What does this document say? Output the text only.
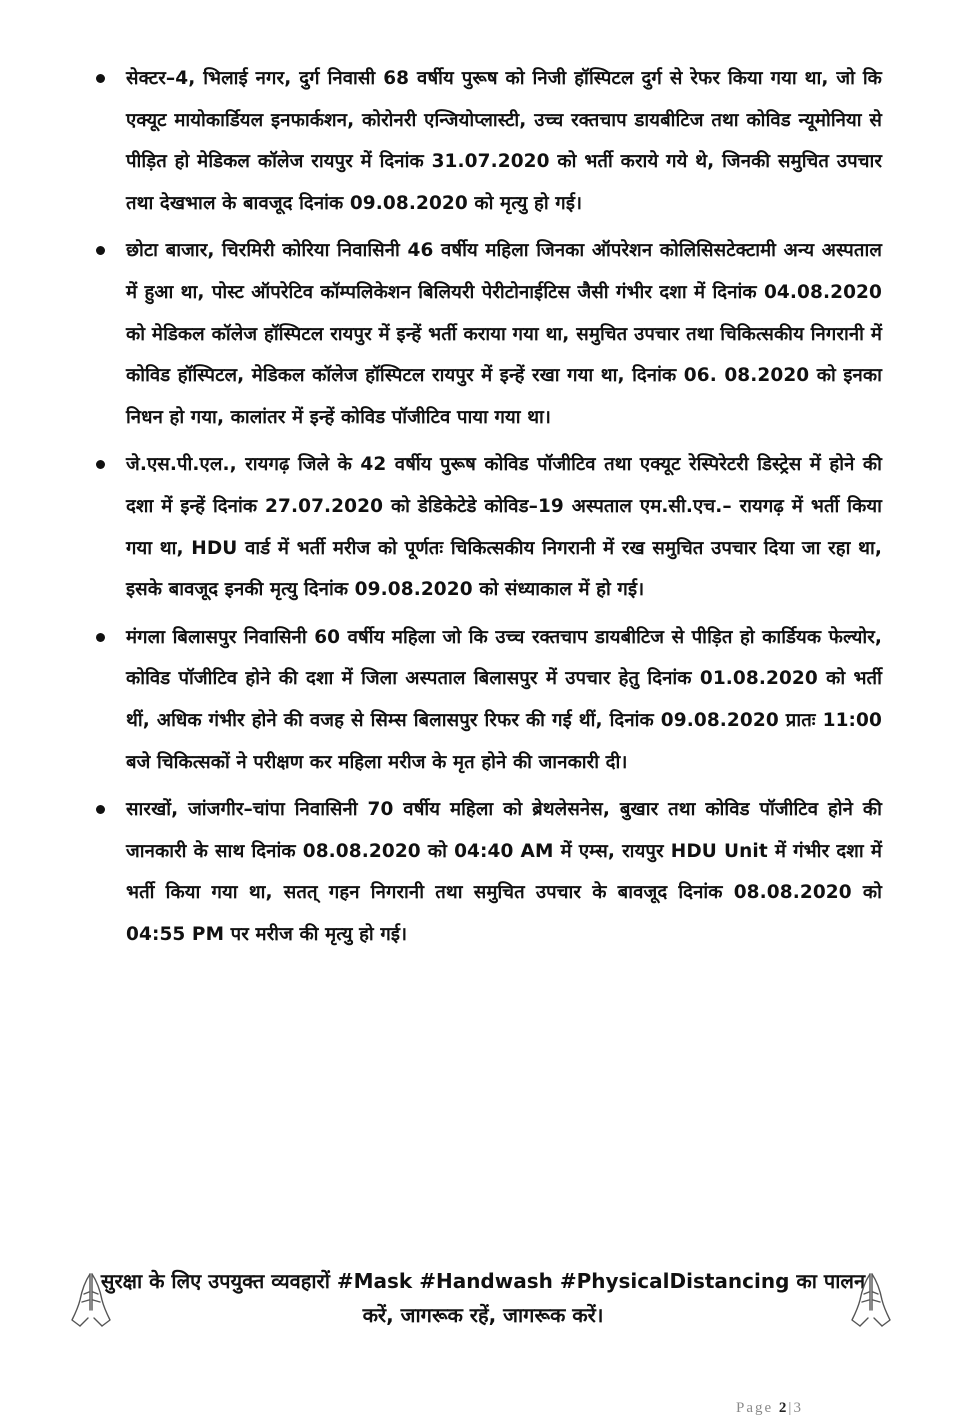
सेक्टर–4, भिलाई नगर, दुर्ग निवासी 68 वर्षीय पुरूष को निजी हॉस्पिटल दुर्ग से रेफर किया गया था, जो कि एक्यूट मायोकार्डियल इनफार्कशन, कोरोनरी एन्जियोप्लास्टी, उच्च रक्तचाप डायबीटिज तथा कोविड न्यूमोनिया से पीड़ित हो मेडिकल कॉलेज रायपुर में दिनांक 31.07.2020 को भर्ती कराये गये थे, जिनकी समुचित उपचार तथा देखभाल के बावजूद दिनांक 09.08.2020 को मृत्यु हो गई।
छोटा बाजार, चिरमिरी कोरिया निवासिनी 46 वर्षीय महिला जिनका ऑपरेशन कोलिसिसटेक्टामी अन्य अस्पताल में हुआ था, पोस्ट ऑपरेटिव कॉम्पलिकेशन बिलियरी पेरीटोनाईटिस जैसी गंभीर दशा में दिनांक 04.08.2020 को मेडिकल कॉलेज हॉस्पिटल रायपुर में इन्हें भर्ती कराया गया था, समुचित उपचार तथा चिकित्सकीय निगरानी में कोविड हॉस्पिटल, मेडिकल कॉलेज हॉस्पिटल रायपुर में इन्हें रखा गया था, दिनांक 06. 08.2020 को इनका निधन हो गया, कालांतर में इन्हें कोविड पॉजीटिव पाया गया था।
जे.एस.पी.एल., रायगढ़ जिले के 42 वर्षीय पुरूष कोविड पॉजीटिव तथा एक्यूट रेस्पिरेटरी डिस्ट्रेस में होने की दशा में इन्हें दिनांक 27.07.2020 को डेडिकेटेडे कोविड–19 अस्पताल एम.सी.एच.– रायगढ़ में भर्ती किया गया था, HDU वार्ड में भर्ती मरीज को पूर्णतः चिकित्सकीय निगरानी में रख समुचित उपचार दिया जा रहा था, इसके बावजूद इनकी मृत्यु दिनांक 09.08.2020 को संध्याकाल में हो गई।
मंगला बिलासपुर निवासिनी 60 वर्षीय महिला जो कि उच्च रक्तचाप डायबीटिज से पीड़ित हो कार्डियक फेल्योर, कोविड पॉजीटिव होने की दशा में जिला अस्पताल बिलासपुर में उपचार हेतु दिनांक 01.08.2020 को भर्ती थीं, अधिक गंभीर होने की वजह से सिम्स बिलासपुर रिफर की गई थीं, दिनांक 09.08.2020 प्रातः 11:00 बजे चिकित्सकों ने परीक्षण कर महिला मरीज के मृत होने की जानकारी दी।
सारखों, जांजगीर–चांपा निवासिनी 70 वर्षीय महिला को ब्रेथलेसनेस, बुखार तथा कोविड पॉजीटिव होने की जानकारी के साथ दिनांक 08.08.2020 को 04:40 AM में एम्स, रायपुर HDU Unit में गंभीर दशा में भर्ती किया गया था, सतत् गहन निगरानी तथा समुचित उपचार के बावजूद दिनांक 08.08.2020 को 04:55 PM पर मरीज की मृत्यु हो गई।
सुरक्षा के लिए उपयुक्त व्यवहारों #Mask #Handwash #PhysicalDistancing का पालन
करें, जागरूक रहें, जागरूक करें।
Page 2|3
